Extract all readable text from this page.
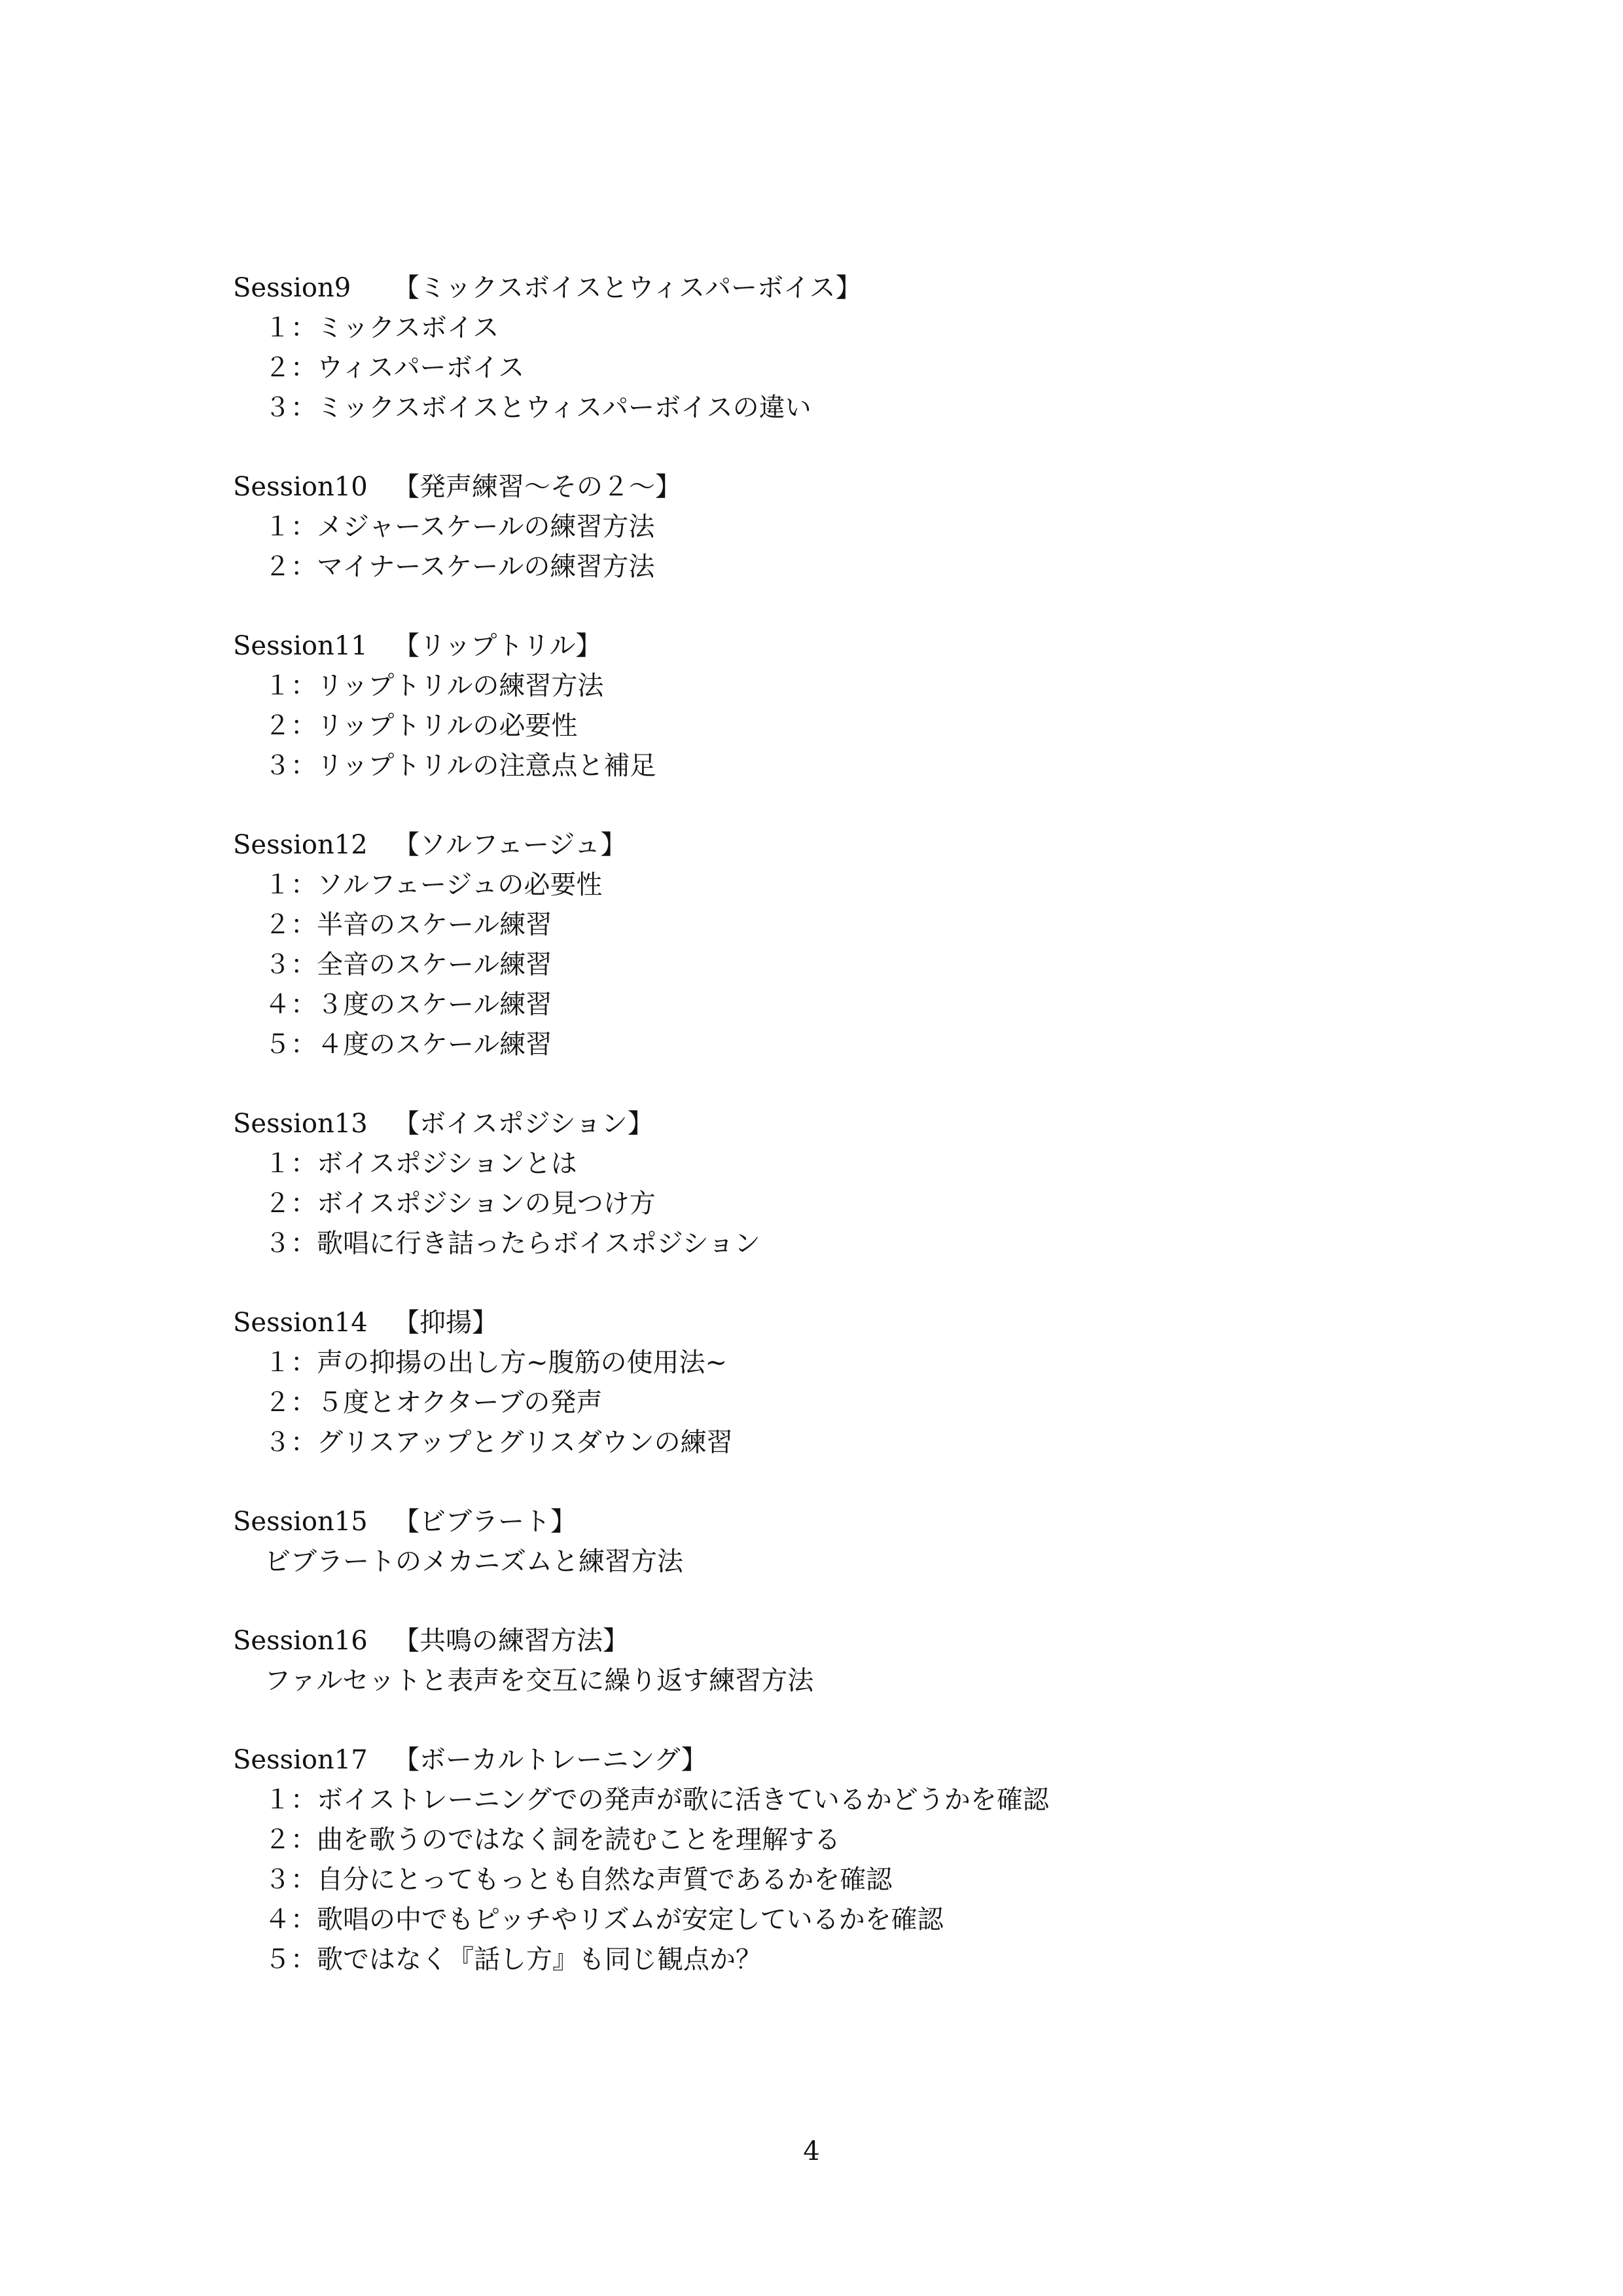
Session9 【ミックスボイスとウィスパーボイス】
１：ミックスボイス
２：ウィスパーボイス
３：ミックスボイスとウィスパーボイスの違い
Session10 【発声練習～その２～】
１：メジャースケールの練習方法
２：マイナースケールの練習方法
Session11 【リップトリル】
１：リップトリルの練習方法
２：リップトリルの必要性
３：リップトリルの注意点と補足
Session12 【ソルフェージュ】
１：ソルフェージュの必要性
２：半音のスケール練習
３：全音のスケール練習
４：３度のスケール練習
５：４度のスケール練習
Session13 【ボイスポジション】
１：ボイスポジションとは
２：ボイスポジションの見つけ方
３：歌唱に行き詰ったらボイスポジション
Session14 【抑揚】
１：声の抑揚の出し方~腹筋の使用法~
２：５度とオクターブの発声
３：グリスアップとグリスダウンの練習
Session15 【ビブラート】
ビブラートのメカニズムと練習方法
Session16 【共鳴の練習方法】
ファルセットと表声を交互に繰り返す練習方法
Session17 【ボーカルトレーニング】
１：ボイストレーニングでの発声が歌に活きているかどうかを確認
２：曲を歌うのではなく詞を読むことを理解する
３：自分にとってもっとも自然な声質であるかを確認
４：歌唱の中でもピッチやリズムが安定しているかを確認
５：歌ではなく『話し方』も同じ観点か？
4
